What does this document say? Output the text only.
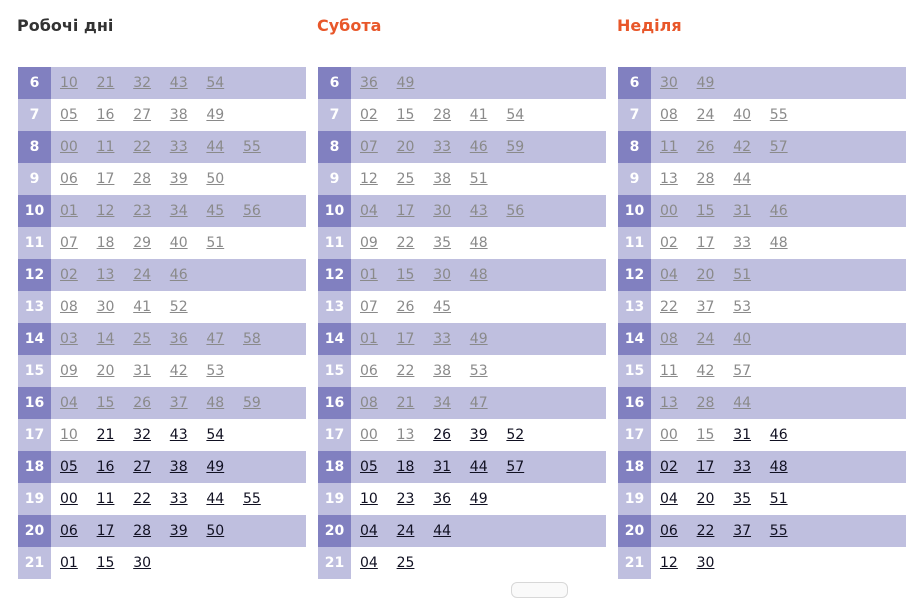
Робочі дні
6	10	21	32	43	54
7	05	16	27	38	49
8	00	11	22	33	44	55
9	06	17	28	39	50
10	01	12	23	34	45	56
11	07	18	29	40	51
12	02	13	24	46
13	08	30	41	52
14	03	14	25	36	47	58
15	09	20	31	42	53
16	04	15	26	37	48	59
17	10	21	32	43	54
18	05	16	27	38	49
19	00	11	22	33	44	55
20	06	17	28	39	50
21	01	15	30
Субота
6	36	49
7	02	15	28	41	54
8	07	20	33	46	59
9	12	25	38	51
10	04	17	30	43	56
11	09	22	35	48
12	01	15	30	48
13	07	26	45
14	01	17	33	49
15	06	22	38	53
16	08	21	34	47
17	00	13	26	39	52
18	05	18	31	44	57
19	10	23	36	49
20	04	24	44
21	04	25
Неділя
6	30	49
7	08	24	40	55
8	11	26	42	57
9	13	28	44
10	00	15	31	46
11	02	17	33	48
12	04	20	51
13	22	37	53
14	08	24	40
15	11	42	57
16	13	28	44
17	00	15	31	46
18	02	17	33	48
19	04	20	35	51
20	06	22	37	55
21	12	30
